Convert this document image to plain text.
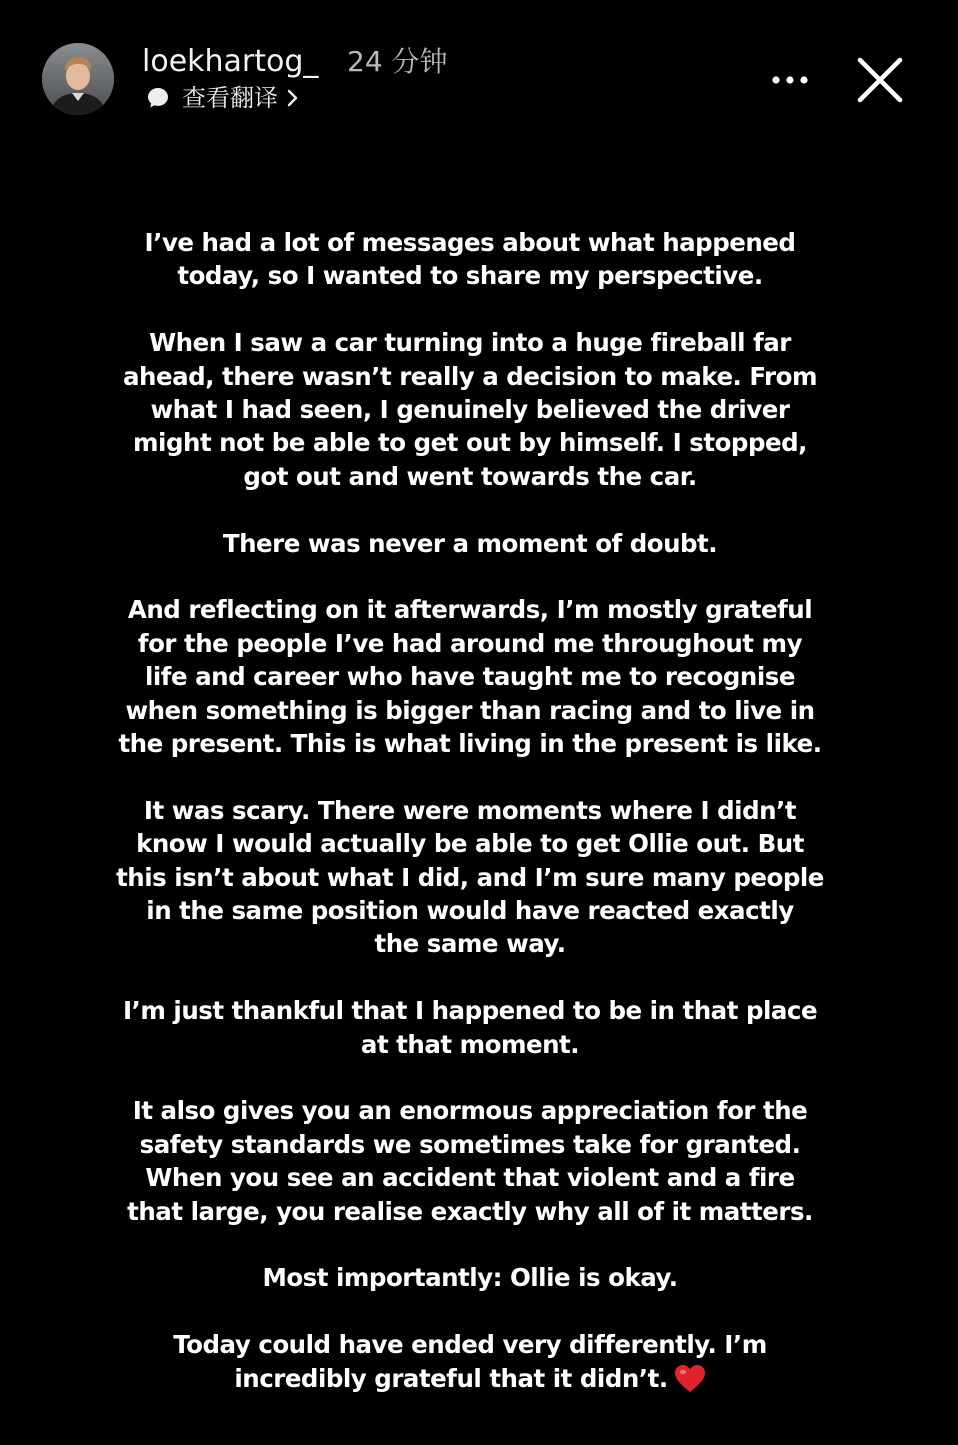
loekhartog_ 24 分钟
查看翻译

I’ve had a lot of messages about what happened
today, so I wanted to share my perspective.

When I saw a car turning into a huge fireball far
ahead, there wasn’t really a decision to make. From
what I had seen, I genuinely believed the driver
might not be able to get out by himself. I stopped,
got out and went towards the car.

There was never a moment of doubt.

And reflecting on it afterwards, I’m mostly grateful
for the people I’ve had around me throughout my
life and career who have taught me to recognise
when something is bigger than racing and to live in
the present. This is what living in the present is like.

It was scary. There were moments where I didn’t
know I would actually be able to get Ollie out. But
this isn’t about what I did, and I’m sure many people
in the same position would have reacted exactly
the same way.

I’m just thankful that I happened to be in that place
at that moment.

It also gives you an enormous appreciation for the
safety standards we sometimes take for granted.
When you see an accident that violent and a fire
that large, you realise exactly why all of it matters.

Most importantly: Ollie is okay.

Today could have ended very differently. I’m
incredibly grateful that it didn’t.
